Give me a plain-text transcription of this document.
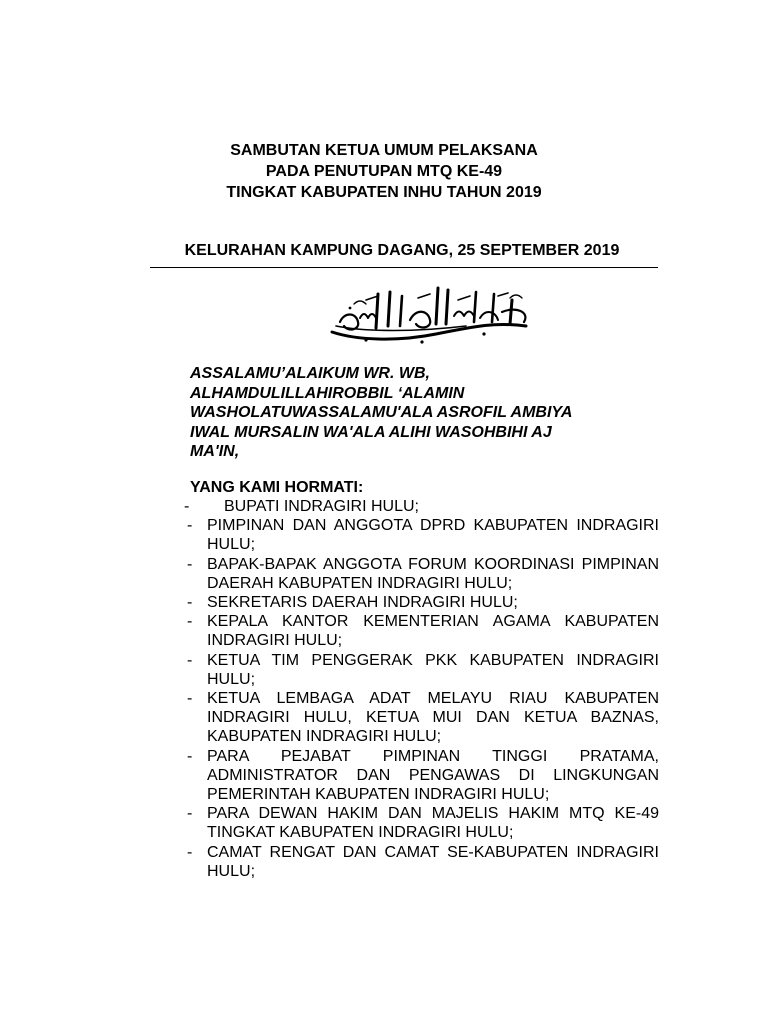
SAMBUTAN KETUA UMUM PELAKSANA
PADA PENUTUPAN MTQ KE-49
TINGKAT KABUPATEN INHU TAHUN 2019
KELURAHAN KAMPUNG DAGANG, 25 SEPTEMBER 2019
ASSALAMU’ALAIKUM WR. WB,
ALHAMDULILLAHIROBBIL ‘ALAMIN
WASHOLATUWASSALAMU'ALA ASROFIL AMBIYA
IWAL MURSALIN WA'ALA ALIHI WASOHBIHI AJ
MA'IN,
YANG KAMI HORMATI:
- BUPATI INDRAGIRI HULU;
- PIMPINAN DAN ANGGOTA DPRD KABUPATEN INDRAGIRI HULU;
- BAPAK-BAPAK ANGGOTA FORUM KOORDINASI PIMPINAN DAERAH KABUPATEN INDRAGIRI HULU;
- SEKRETARIS DAERAH INDRAGIRI HULU;
- KEPALA KANTOR KEMENTERIAN AGAMA KABUPATEN INDRAGIRI HULU;
- KETUA TIM PENGGERAK PKK KABUPATEN INDRAGIRI HULU;
- KETUA LEMBAGA ADAT MELAYU RIAU KABUPATEN INDRAGIRI HULU, KETUA MUI DAN KETUA BAZNAS, KABUPATEN INDRAGIRI HULU;
- PARA PEJABAT PIMPINAN TINGGI PRATAMA, ADMINISTRATOR DAN PENGAWAS DI LINGKUNGAN PEMERINTAH KABUPATEN INDRAGIRI HULU;
- PARA DEWAN HAKIM DAN MAJELIS HAKIM MTQ KE-49 TINGKAT KABUPATEN INDRAGIRI HULU;
- CAMAT RENGAT DAN CAMAT SE-KABUPATEN INDRAGIRI HULU;
